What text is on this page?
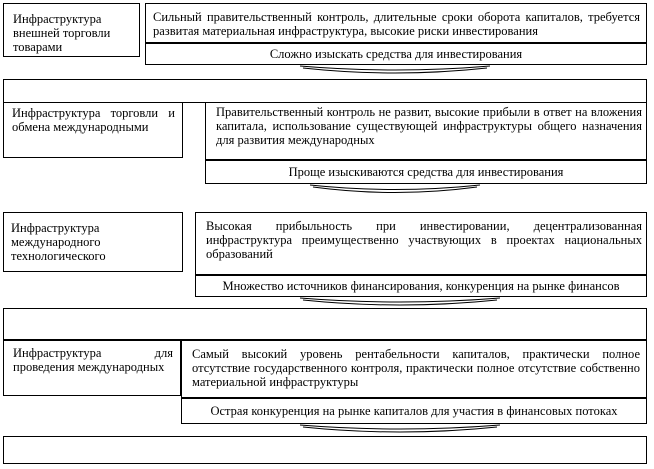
Инфраструктура внешней торговли товарами
Сильный правительственный контроль, длительные сроки оборота капиталов, требуется развитая материальная инфраструктура, высокие риски инвестирования
Сложно изыскать средства для инвестирования
Инфраструктура торговли и обмена международными
Правительственный контроль не развит, высокие прибыли в ответ на вложения капитала, использование существующей инфраструктуры общего назначения для развития международных
Проще изыскиваются средства для инвестирования
Инфраструктура международного технологического
Высокая прибыльность при инвестировании, децентрализованная инфраструктура преимущественно участвующих в проектах национальных образований
Множество источников финансирования, конкуренция на рынке финансов
Инфраструктура для проведения международных
Самый высокий уровень рентабельности капиталов, практически полное отсутствие государственного контроля, практически полное отсутствие собственно материальной инфраструктуры
Острая конкуренция на рынке капиталов для участия в финансовых потоках
